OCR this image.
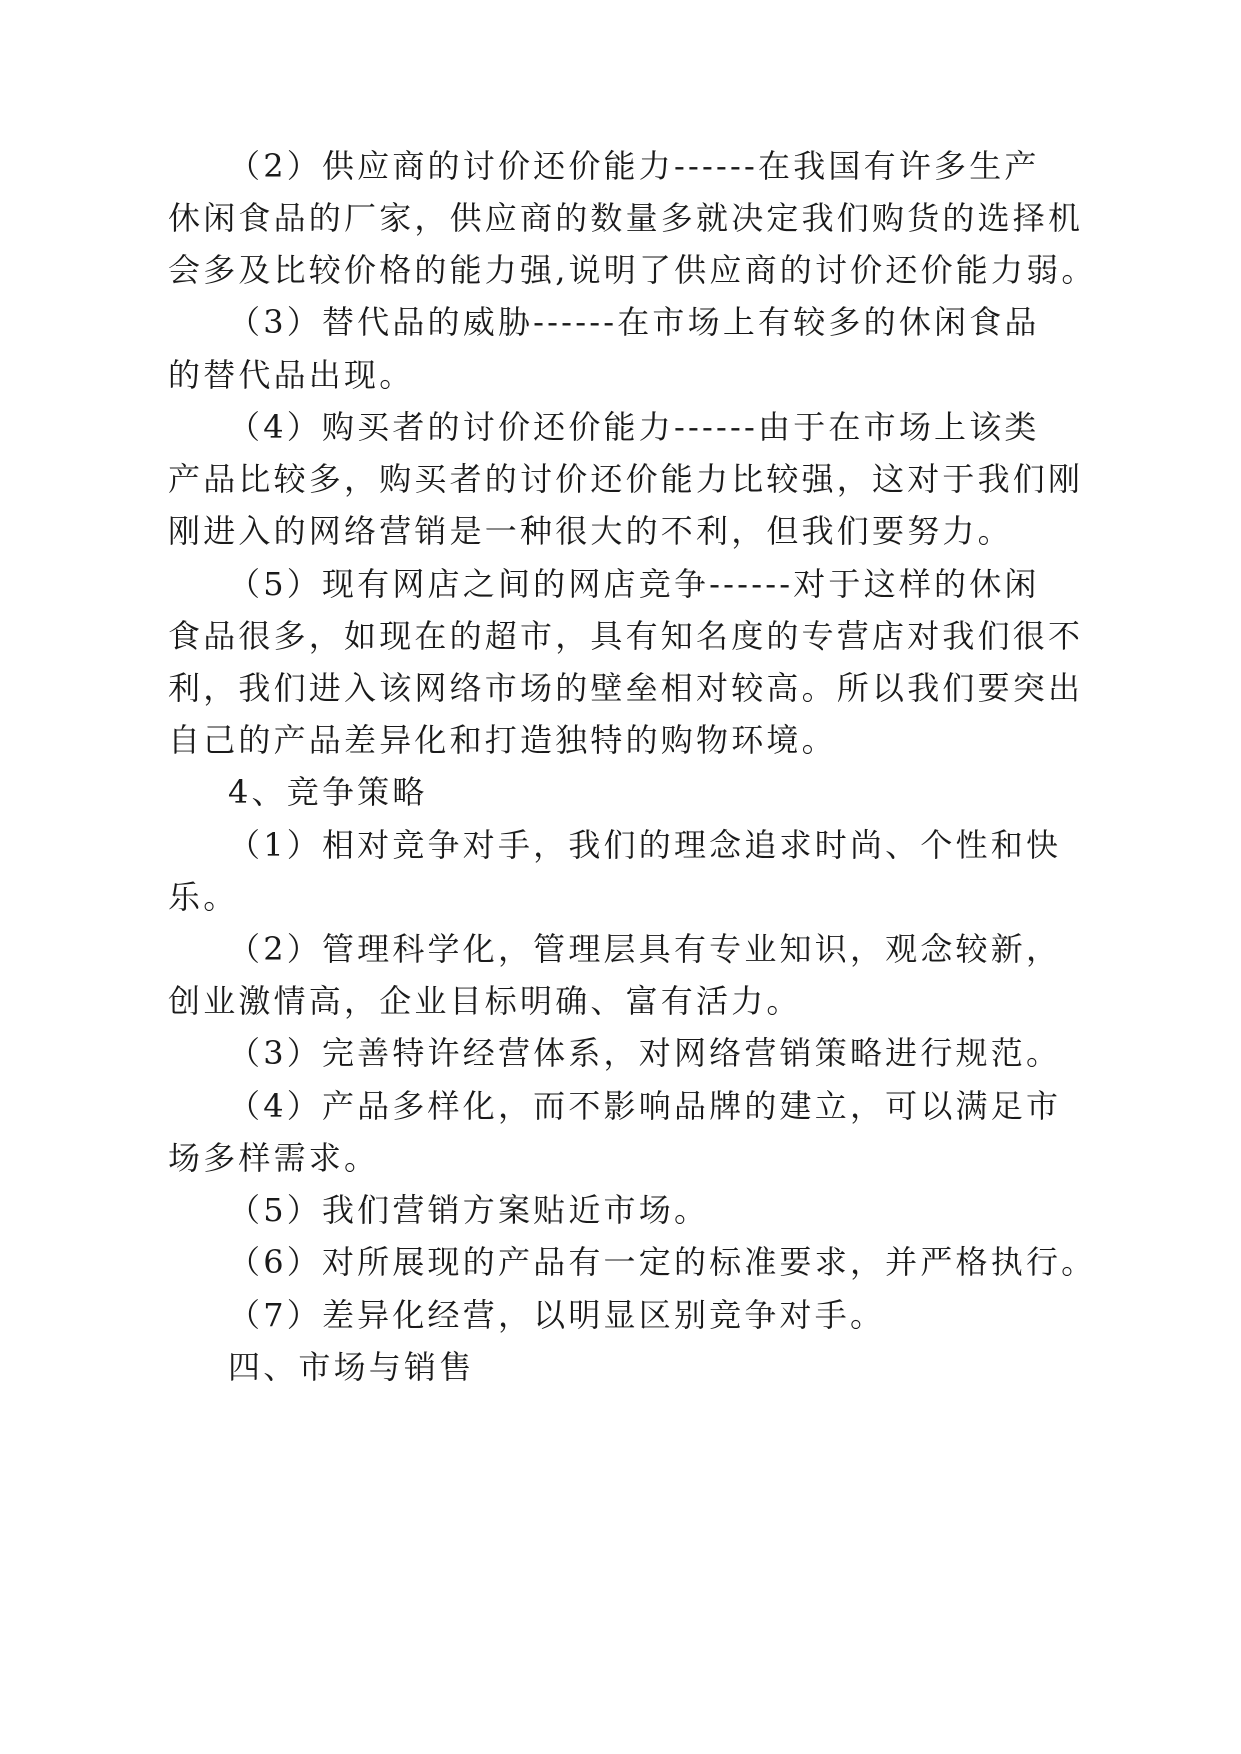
（2）供应商的讨价还价能力------在我国有许多生产
休闲食品的厂家，供应商的数量多就决定我们购货的选择机
会多及比较价格的能力强,说明了供应商的讨价还价能力弱。
（3）替代品的威胁------在市场上有较多的休闲食品
的替代品出现。
（4）购买者的讨价还价能力------由于在市场上该类
产品比较多，购买者的讨价还价能力比较强，这对于我们刚
刚进入的网络营销是一种很大的不利，但我们要努力。
（5）现有网店之间的网店竞争------对于这样的休闲
食品很多，如现在的超市，具有知名度的专营店对我们很不
利，我们进入该网络市场的壁垒相对较高。所以我们要突出
自己的产品差异化和打造独特的购物环境。
4、竞争策略
（1）相对竞争对手，我们的理念追求时尚、个性和快
乐。
（2）管理科学化，管理层具有专业知识，观念较新，
创业激情高，企业目标明确、富有活力。
（3）完善特许经营体系，对网络营销策略进行规范。
（4）产品多样化，而不影响品牌的建立，可以满足市
场多样需求。
（5）我们营销方案贴近市场。
（6）对所展现的产品有一定的标准要求，并严格执行。
（7）差异化经营，以明显区别竞争对手。
四、市场与销售
